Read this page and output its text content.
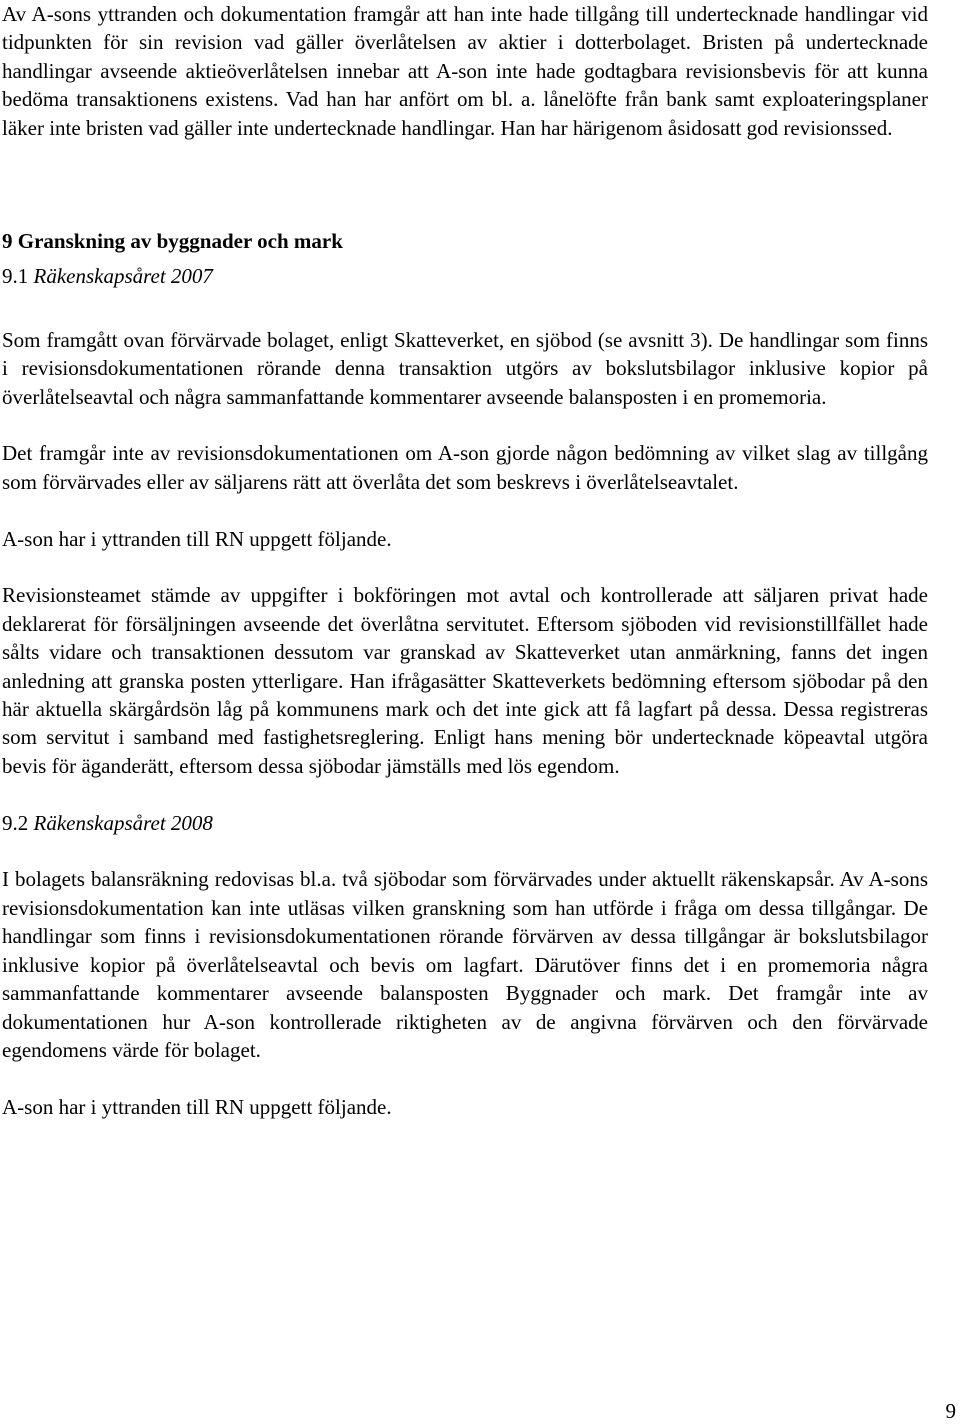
Av A-sons yttranden och dokumentation framgår att han inte hade tillgång till undertecknade handlingar vid tidpunkten för sin revision vad gäller överlåtelsen av aktier i dotterbolaget. Bristen på undertecknade handlingar avseende aktieöverlåtelsen innebar att A-son inte hade godtagbara revisionsbevis för att kunna bedöma transaktionens existens. Vad han har anfört om bl. a. lånelöfte från bank samt exploateringsplaner läker inte bristen vad gäller inte undertecknade handlingar. Han har härigenom åsidosatt god revisionssed.

9 Granskning av byggnader och mark

9.1 Räkenskapsåret 2007

Som framgått ovan förvärvade bolaget, enligt Skatteverket, en sjöbod (se avsnitt 3). De handlingar som finns i revisionsdokumentationen rörande denna transaktion utgörs av bokslutsbilagor inklusive kopior på överlåtelseavtal och några sammanfattande kommentarer avseende balansposten i en promemoria.

Det framgår inte av revisionsdokumentationen om A-son gjorde någon bedömning av vilket slag av tillgång som förvärvades eller av säljarens rätt att överlåta det som beskrevs i överlåtelseavtalet.

A-son har i yttranden till RN uppgett följande.

Revisionsteamet stämde av uppgifter i bokföringen mot avtal och kontrollerade att säljaren privat hade deklarerat för försäljningen avseende det överlåtna servitutet. Eftersom sjöboden vid revisionstillfället hade sålts vidare och transaktionen dessutom var granskad av Skatteverket utan anmärkning, fanns det ingen anledning att granska posten ytterligare. Han ifrågasätter Skatteverkets bedömning eftersom sjöbodar på den här aktuella skärgårdsön låg på kommunens mark och det inte gick att få lagfart på dessa. Dessa registreras som servitut i samband med fastighetsreglering. Enligt hans mening bör undertecknade köpeavtal utgöra bevis för äganderätt, eftersom dessa sjöbodar jämställs med lös egendom.

9.2 Räkenskapsåret 2008

I bolagets balansräkning redovisas bl.a. två sjöbodar som förvärvades under aktuellt räkenskapsår. Av A-sons revisionsdokumentation kan inte utläsas vilken granskning som han utförde i fråga om dessa tillgångar. De handlingar som finns i revisionsdokumentationen rörande förvärven av dessa tillgångar är bokslutsbilagor inklusive kopior på överlåtelseavtal och bevis om lagfart. Därutöver finns det i en promemoria några sammanfattande kommentarer avseende balansposten Byggnader och mark. Det framgår inte av dokumentationen hur A-son kontrollerade riktigheten av de angivna förvärven och den förvärvade egendomens värde för bolaget.

A-son har i yttranden till RN uppgett följande.

9
